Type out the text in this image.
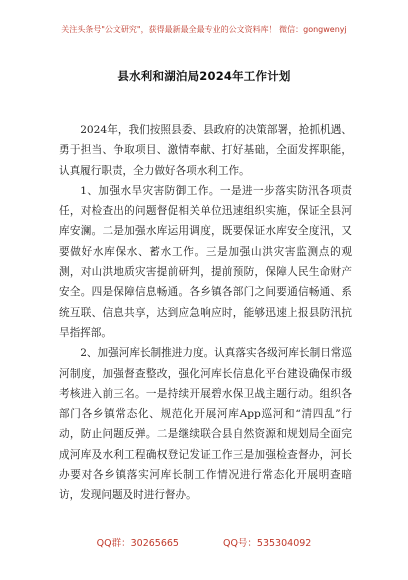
关注头条号"公文研究"，获得最新最全最专业的公文资料库！ 微信：gongwenyj
县水利和湖泊局2024年工作计划

2024年，我们按照县委、县政府的决策部署，抢抓机遇、勇于担当、争取项目、激情奉献、打好基础，全面发挥职能，认真履行职责，全力做好各项水利工作。

1、加强水旱灾害防御工作。一是进一步落实防汛各项责任，对检查出的问题督促相关单位迅速组织实施，保证全县河库安澜。二是加强水库运用调度，既要保证水库安全度汛，又要做好水库保水、蓄水工作。三是加强山洪灾害监测点的观测，对山洪地质灾害提前研判，提前预防，保障人民生命财产安全。四是保障信息畅通。各乡镇各部门之间要通信畅通、系统互联、信息共享，达到应急响应时，能够迅速上报县防汛抗旱指挥部。

2、加强河库长制推进力度。认真落实各级河库长制日常巡河制度，加强督查整改，强化河库长信息化平台建设确保市级考核进入前三名。一是持续开展碧水保卫战主题行动。组织各部门各乡镇常态化、规范化开展河库App巡河和“清四乱”行动，防止问题反弹。二是继续联合县自然资源和规划局全面完成河库及水利工程确权登记发证工作三是加强检查督办，河长办要对各乡镇落实河库长制工作情况进行常态化开展明查暗访，发现问题及时进行督办。

QQ群：30265665	QQ号：535304092
